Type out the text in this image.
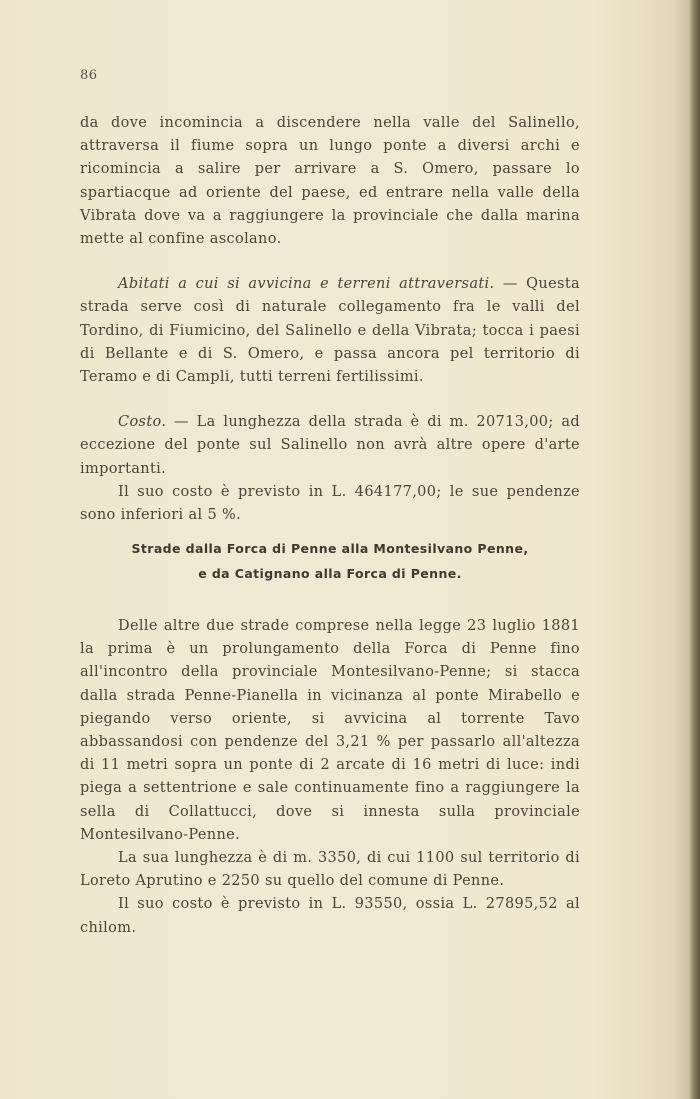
86

da dove incomincia a discendere nella valle del Salinello, attraversa il fiume sopra un lungo ponte a diversi archi e ricomincia a salire per arrivare a S. Omero, passare lo spartiacque ad oriente del paese, ed entrare nella valle della Vibrata dove va a raggiungere la provinciale che dalla marina mette al confine ascolano.

Abitati a cui si avvicina e terreni attraversati. — Questa strada serve così di naturale collegamento fra le valli del Tordino, di Fiumicino, del Salinello e della Vibrata; tocca i paesi di Bellante e di S. Omero, e passa ancora pel territorio di Teramo e di Campli, tutti terreni fertilissimi.

Costo. — La lunghezza della strada è di m. 20713,00; ad eccezione del ponte sul Salinello non avrà altre opere d'arte importanti.

Il suo costo è previsto in L. 464177,00; le sue pendenze sono inferiori al 5 %.

Strade dalla Forca di Penne alla Montesilvano Penne,
e da Catignano alla Forca di Penne.

Delle altre due strade comprese nella legge 23 luglio 1881 la prima è un prolungamento della Forca di Penne fino all'incontro della provinciale Montesilvano-Penne; si stacca dalla strada Penne-Pianella in vicinanza al ponte Mirabello e piegando verso oriente, si avvicina al torrente Tavo abbassandosi con pendenze del 3,21 % per passarlo all'altezza di 11 metri sopra un ponte di 2 arcate di 16 metri di luce: indi piega a settentrione e sale continuamente fino a raggiungere la sella di Collattucci, dove si innesta sulla provinciale Montesilvano-Penne.

La sua lunghezza è di m. 3350, di cui 1100 sul territorio di Loreto Aprutino e 2250 su quello del comune di Penne.

Il suo costo è previsto in L. 93550, ossia L. 27895,52 al chilom.
